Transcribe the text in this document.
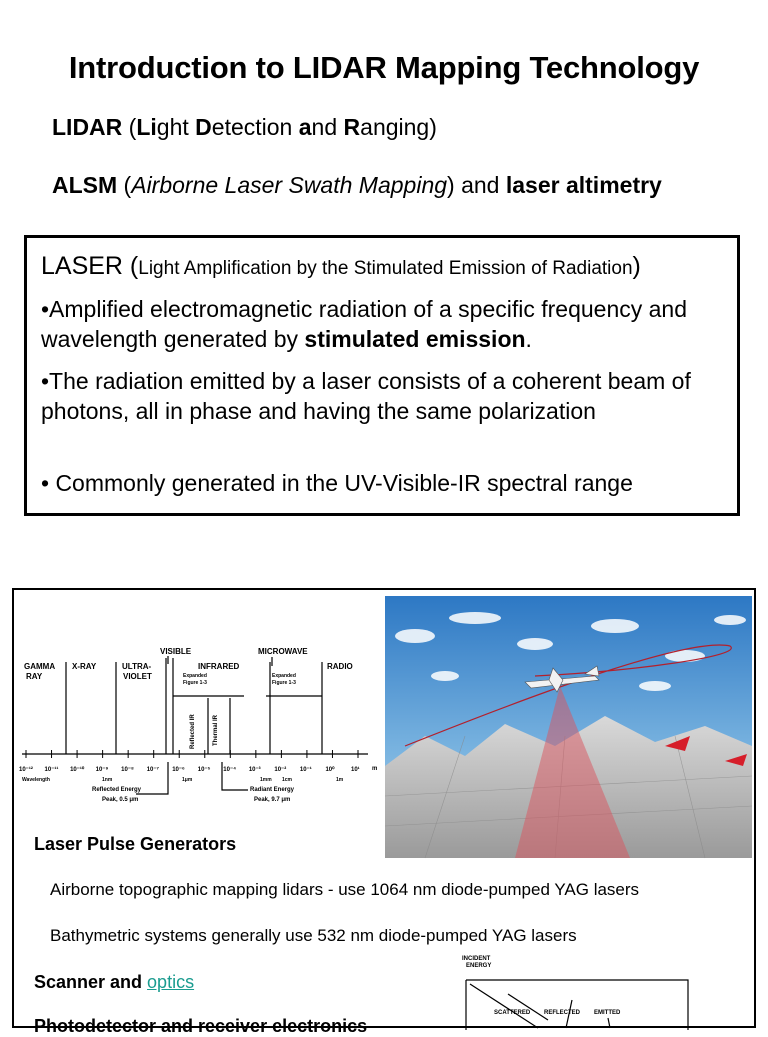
Introduction to LIDAR Mapping Technology
LIDAR (Light Detection and Ranging)
ALSM (Airborne Laser Swath Mapping) and laser altimetry
LASER (Light Amplification by the Stimulated Emission of Radiation)
•Amplified electromagnetic radiation of a specific frequency and wavelength generated by stimulated emission.
•The radiation emitted by a laser consists of a coherent beam of photons, all in phase and having the same polarization
• Commonly generated in the UV-Visible-IR spectral range
VISIBLE	MICROWAVE
GAMMA
RAY
X-RAY	ULTRA-
VIOLET
INFRARED	RADIO
Expanded
Figure 1-3
Expanded
Figure 1-3
Reflected IR	Thermal IR
Wavelength	1nm	1μm	1mm 1cm	1m
Reflected Energy
Peak, 0.5 μm
Radiant Energy
Peak, 9.7 μm
m
10⁻¹² 10⁻¹¹ 10⁻¹⁰ 10⁻⁹ 10⁻⁸ 10⁻⁷ 10⁻⁶ 10⁻⁵ 10⁻⁴ 10⁻³ 10⁻² 10⁻¹ 10⁰	10¹
Laser Pulse Generators
Airborne topographic mapping lidars - use 1064 nm diode-pumped YAG lasers
Bathymetric systems generally use 532 nm diode-pumped YAG lasers
Scanner and optics
Photodetector and receiver electronics
INCIDENT
ENERGY
SCATTERED REFLECTED EMITTED
